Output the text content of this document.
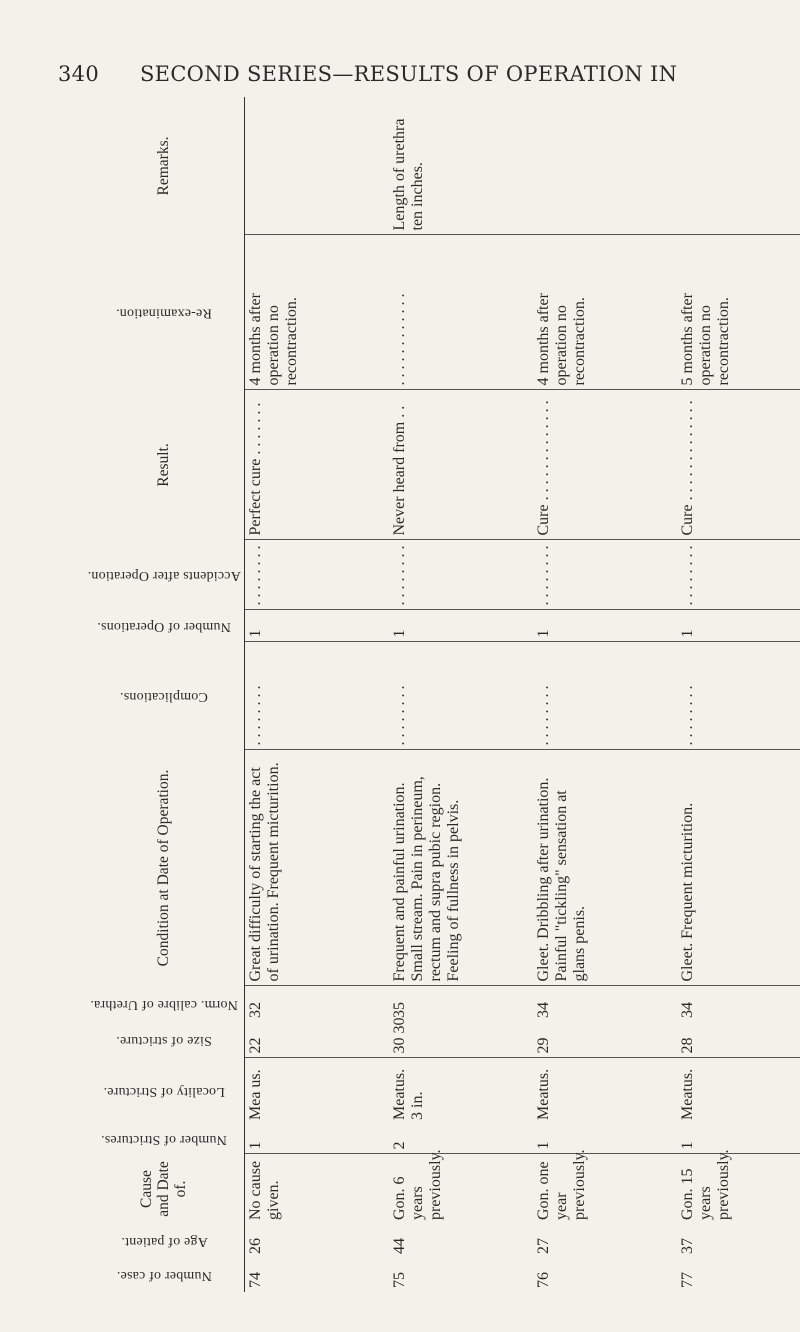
340 SECOND SERIES—RESULTS OF OPERATION IN
Number of case.	Age of patient.	Cause and Date of.	Number of Strictures.	Locality of Stricture.	Size of stricture.	Norm. calibre of Urethra.	Condition at Date of Operation.	Complications.	Number of Operations.	Accidents after Operation.	Result.	Re-examination.	Remarks.
74	26	No cause given.	1	Mea us.	22	32	Great difficulty of starting the act of urination. Frequent micturition.	. . . . . . . .	1	. . . . . . . .	Perfect cure . . . . . . .	4 months after operation no recontraction.	
75	44	Gon. 6 years previously.	2	Meatus. 3 in.	30 30	35	Frequent and painful urination. Small stream. Pain in perineum, rectum and supra pubic region. Feeling of fullness in pelvis.	. . . . . . . .	1	. . . . . . . .	Never heard from . .	. . . . . . . . . . . .	Length of urethra ten inches.
76	27	Gon. one year previously.	1	Meatus.	29	34	Gleet. Dribbling after urination. Painful "tickling" sensation at glans penis.	. . . . . . . .	1	. . . . . . . .	Cure . . . . . . . . . . . . .	4 months after operation no recontraction.	
77	37	Gon. 15 years previously.	1	Meatus.	28	34	Gleet. Frequent micturition.	. . . . . . . .	1	. . . . . . . .	Cure . . . . . . . . . . . . .	5 months after operation no recontraction.	
